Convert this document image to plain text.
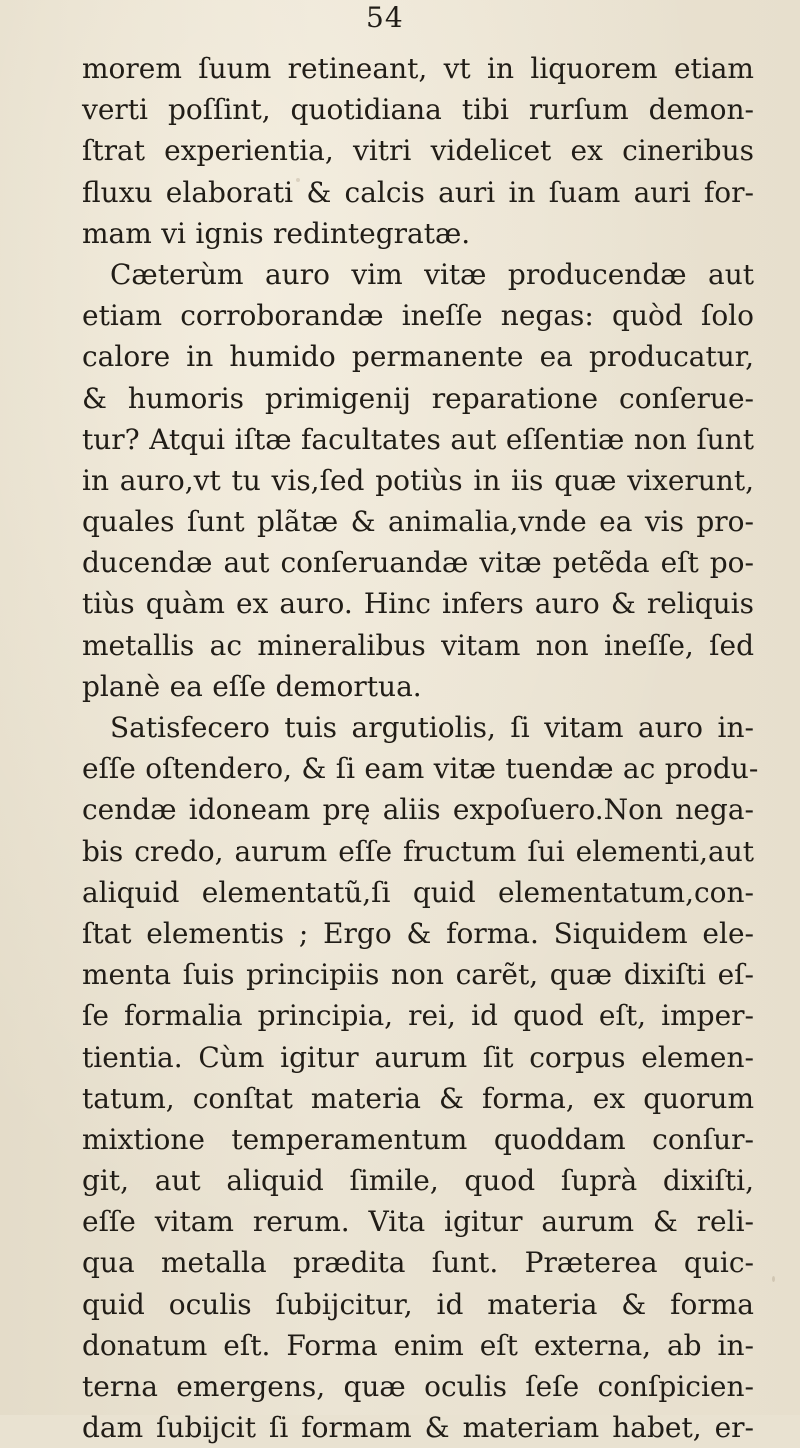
54
morem ſuum retineant, vt in liquorem etiam
verti poſſint, quotidiana tibi rurſum demon-
ſtrat experientia, vitri videlicet ex cineribus
fluxu elaborati & calcis auri in ſuam auri for-
mam vi ignis redintegratæ.
Cæterùm auro vim vitæ producendæ aut
etiam corroborandæ ineſſe negas: quòd ſolo
calore in humido permanente ea producatur,
& humoris primigenij reparatione conſerue-
tur? Atqui iſtæ facultates aut eſſentiæ non ſunt
in auro,vt tu vis,ſed potiùs in iis quæ vixerunt,
quales ſunt plãtæ & animalia,vnde ea vis pro-
ducendæ aut conſeruandæ vitæ petẽda eſt po-
tiùs quàm ex auro. Hinc infers auro & reliquis
metallis ac mineralibus vitam non ineſſe, ſed
planè ea eſſe demortua.
Satisfecero tuis argutiolis, ſi vitam auro in-
eſſe oſtendero, & ſi eam vitæ tuendæ ac produ-
cendæ idoneam prę aliis expoſuero.Non nega-
bis credo, aurum eſſe fructum ſui elementi,aut
aliquid elementatũ,ſi quid elementatum,con-
ſtat elementis ; Ergo & forma. Siquidem ele-
menta ſuis principiis non carẽt, quæ dixiſti eſ-
ſe formalia principia, rei, id quod eſt, imper-
tientia. Cùm igitur aurum ſit corpus elemen-
tatum, conſtat materia & forma, ex quorum
mixtione temperamentum quoddam conſur-
git, aut aliquid ſimile, quod ſuprà dixiſti,
eſſe vitam rerum. Vita igitur aurum & reli-
qua metalla prædita ſunt. Præterea quic-
quid oculis ſubijcitur, id materia & forma
donatum eſt. Forma enim eſt externa, ab in-
terna emergens, quæ oculis ſeſe conſpicien-
dam ſubijcit ſi formam & materiam habet, er-
